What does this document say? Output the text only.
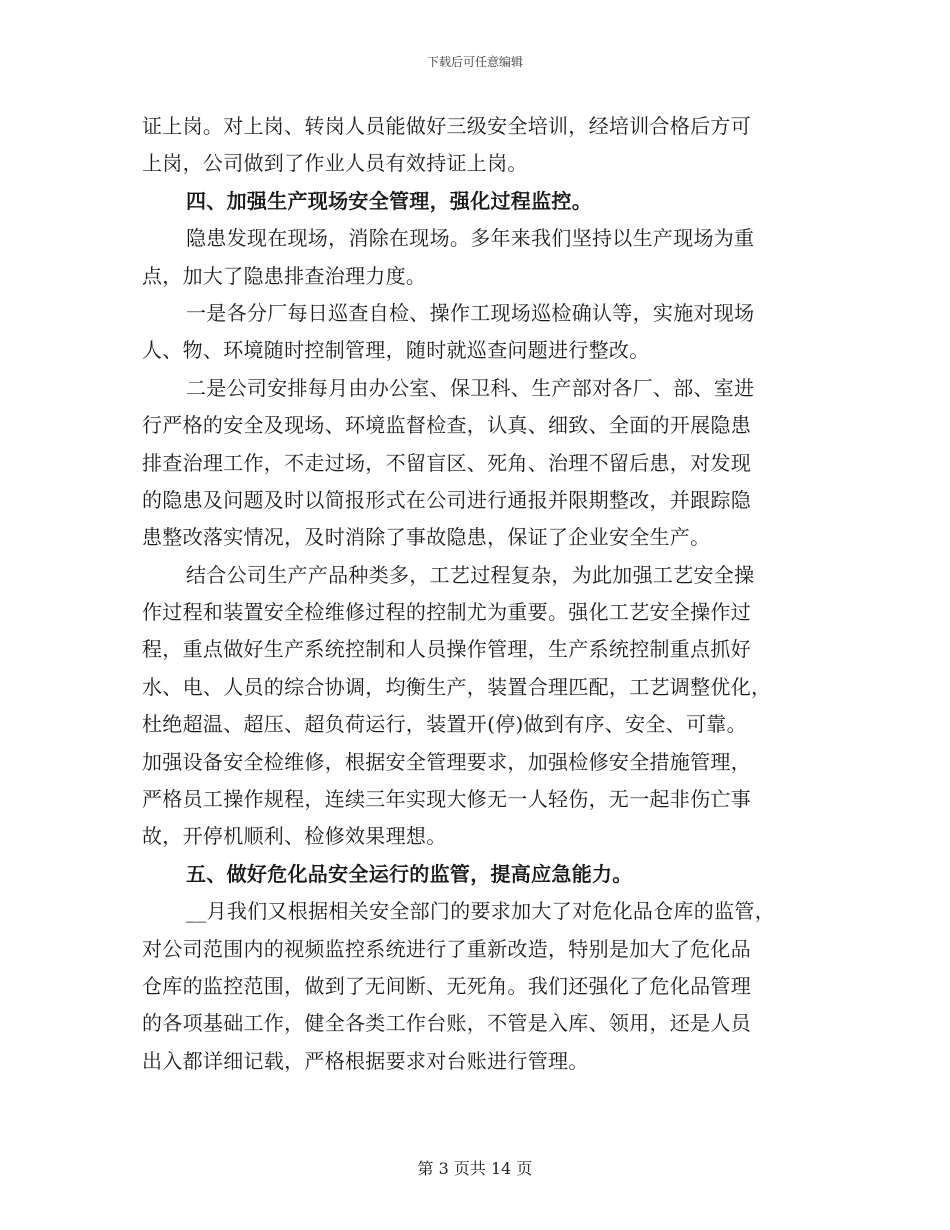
下载后可任意编辑
证上岗。对上岗、转岗人员能做好三级安全培训，经培训合格后方可
上岗，公司做到了作业人员有效持证上岗。
四、加强生产现场安全管理，强化过程监控。
隐患发现在现场，消除在现场。多年来我们坚持以生产现场为重
点，加大了隐患排查治理力度。
一是各分厂每日巡查自检、操作工现场巡检确认等，实施对现场
人、物、环境随时控制管理，随时就巡查问题进行整改。
二是公司安排每月由办公室、保卫科、生产部对各厂、部、室进
行严格的安全及现场、环境监督检查，认真、细致、全面的开展隐患
排查治理工作，不走过场，不留盲区、死角、治理不留后患，对发现
的隐患及问题及时以简报形式在公司进行通报并限期整改，并跟踪隐
患整改落实情况，及时消除了事故隐患，保证了企业安全生产。
结合公司生产产品种类多，工艺过程复杂，为此加强工艺安全操
作过程和装置安全检维修过程的控制尤为重要。强化工艺安全操作过
程，重点做好生产系统控制和人员操作管理，生产系统控制重点抓好
水、电、人员的综合协调，均衡生产，装置合理匹配，工艺调整优化，
杜绝超温、超压、超负荷运行，装置开(停)做到有序、安全、可靠。
加强设备安全检维修，根据安全管理要求，加强检修安全措施管理，
严格员工操作规程，连续三年实现大修无一人轻伤，无一起非伤亡事
故，开停机顺利、检修效果理想。
五、做好危化品安全运行的监管，提高应急能力。
__月我们又根据相关安全部门的要求加大了对危化品仓库的监管，
对公司范围内的视频监控系统进行了重新改造，特别是加大了危化品
仓库的监控范围，做到了无间断、无死角。我们还强化了危化品管理
的各项基础工作，健全各类工作台账，不管是入库、领用，还是人员
出入都详细记载，严格根据要求对台账进行管理。
第 3 页共 14 页
